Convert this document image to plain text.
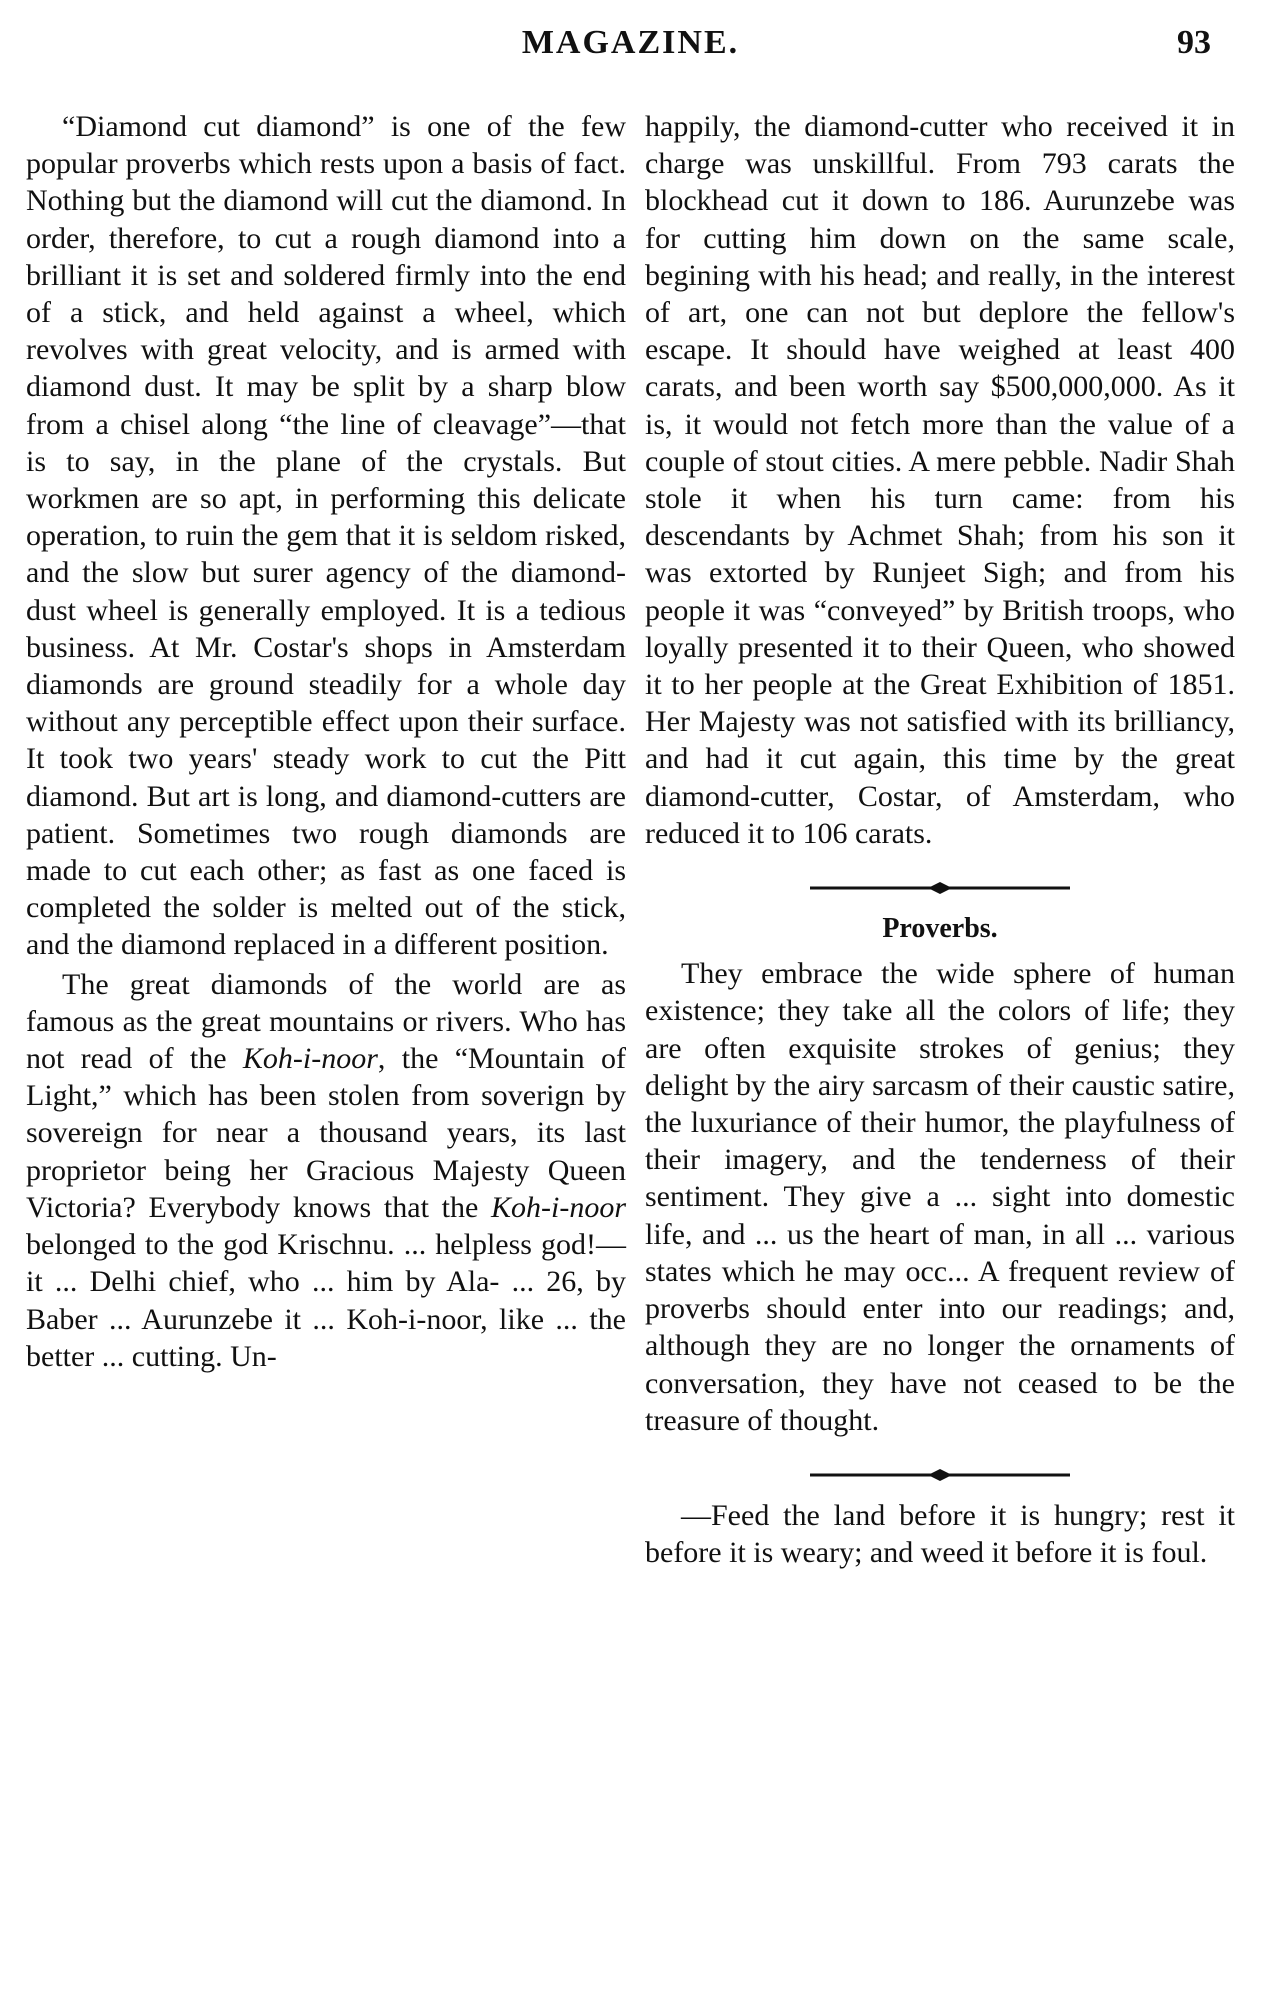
MAGAZINE.	93

“Diamond cut diamond” is one of the few popular proverbs which rests upon a basis of fact. Nothing but the diamond will cut the diamond. In order, therefore, to cut a rough diamond into a brilliant it is set and soldered firmly into the end of a stick, and held against a wheel, which revolves with great velocity, and is armed with diamond dust. It may be split by a sharp blow from a chisel along “the line of cleavage”—that is to say, in the plane of the crystals. But workmen are so apt, in performing this delicate operation, to ruin the gem that it is seldom risked, and the slow but surer agency of the diamond-dust wheel is generally employed. It is a tedious business. At Mr. Costar's shops in Amsterdam diamonds are ground steadily for a whole day without any perceptible effect upon their surface. It took two years' steady work to cut the Pitt diamond. But art is long, and diamond-cutters are patient. Sometimes two rough diamonds are made to cut each other; as fast as one faced is completed the solder is melted out of the stick, and the diamond replaced in a different position.

The great diamonds of the world are as famous as the great mountains or rivers. Who has not read of the Koh-i-noor, the “Mountain of Light,” which has been stolen from soverign by sovereign for near a thousand years, its last proprietor being her Gracious Majesty Queen Victoria? Everybody knows that the Koh-i-noor belonged to the god Krischnu. ... helpless god!—it ... Delhi chief, who ... him by Ala- ... 26, by Baber ... Aurunzebe it ... Koh-i-noor, like ... the better ... cutting. Un-

happily, the diamond-cutter who received it in charge was unskillful. From 793 carats the blockhead cut it down to 186. Aurunzebe was for cutting him down on the same scale, begining with his head; and really, in the interest of art, one can not but deplore the fellow's escape. It should have weighed at least 400 carats, and been worth say $500,000,000. As it is, it would not fetch more than the value of a couple of stout cities. A mere pebble. Nadir Shah stole it when his turn came: from his descendants by Achmet Shah; from his son it was extorted by Runjeet Sigh; and from his people it was “conveyed” by British troops, who loyally presented it to their Queen, who showed it to her people at the Great Exhibition of 1851. Her Majesty was not satisfied with its brilliancy, and had it cut again, this time by the great diamond-cutter, Costar, of Amsterdam, who reduced it to 106 carats.

Proverbs.

They embrace the wide sphere of human existence; they take all the colors of life; they are often exquisite strokes of genius; they delight by the airy sarcasm of their caustic satire, the luxuriance of their humor, the playfulness of their imagery, and the tenderness of their sentiment. They give a ... sight into domestic life, and ... us the heart of man, in all ... various states which he may occ... A frequent review of proverbs should enter into our readings; and, although they are no longer the ornaments of conversation, they have not ceased to be the treasure of thought.

—Feed the land before it is hungry; rest it before it is weary; and weed it before it is foul.
